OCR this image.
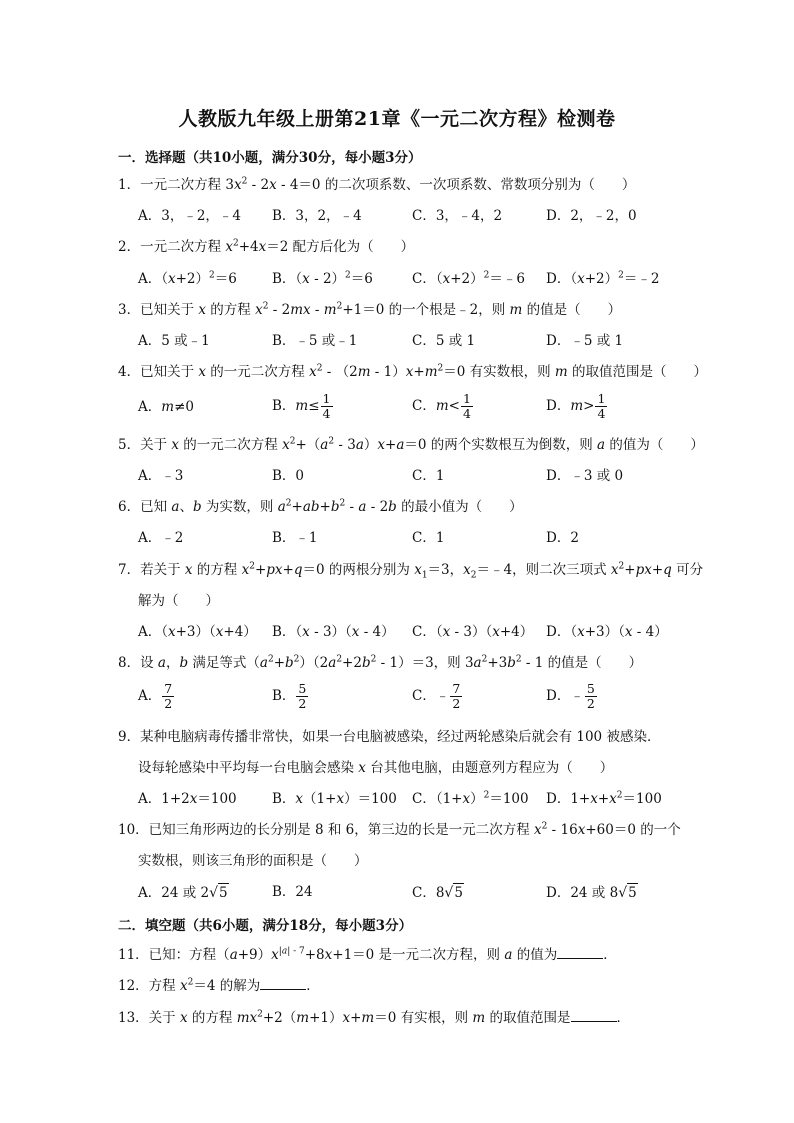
人教版九年级上册第21章《一元二次方程》检测卷
一．选择题（共10小题，满分30分，每小题3分）
1．一元二次方程 $3x^2 - 2x - 4=0$ 的二次项系数、一次项系数、常数项分别为（　　）
A．3，﹣2，﹣4 B．3，2，﹣4	C．3，﹣4，2	D．2，﹣2，0
2．一元二次方程 $x^2+4x=2$ 配方后化为（　　）
A．$(x+2)^2=6$	B．（x - 2）$^2$＝6	C．$(x+2)^2=﹣6$ D．$(x+2)^2=﹣2$
3．已知关于 x 的方程 $x^2 - 2mx - m^2+1=0$ 的一个根是﹣2，则 m 的值是（　　）
A．5 或﹣1	B．﹣5 或﹣1	C．5 或 1	D．﹣5 或 1
4．已知关于 x 的一元二次方程 $x^2 - (2m - 1)x+m^2=0$ 有实数根，则 m 的取值范围是（　　）
A．m≠0	B．$m\le \frac{1}{4}$	C．$m< \frac{1}{4}$	D．$m> \frac{1}{4}$
5．关于 x 的一元二次方程 $x^2+(a^2 - 3a)x+a=0$ 的两个实数根互为倒数，则 a 的值为（　　）
A．﹣3	B．0	C．1	D．﹣3 或 0
6．已知 a、b 为实数，则 $a^2+ab+b^2 - a - 2b$ 的最小值为（　　）
A．﹣2	B．﹣1	C．1	D．2
7．若关于 x 的方程 $x^2+px+q=0$ 的两根分别为 $x_1=3$，$x_2=﹣4$，则二次三项式 $x^2+px+q$ 可分
解为（　　）
A．（x+3）（x+4） B．（x - 3）（x - 4） C．（x - 3）（x+4） D．（x+3）（x - 4）
8．设 a，b 满足等式$(a^2+b^2)(2a^2+2b^2 - 1)=3$，则 $3a^2+3b^2 - 1$ 的值是（　　）
A． $\frac{7}{2}$	B． $\frac{5}{2}$	C．﹣ $\frac{7}{2}$	D．﹣ $\frac{5}{2}$
9．某种电脑病毒传播非常快，如果一台电脑被感染，经过两轮感染后就会有 100 被感染．
设每轮感染中平均每一台电脑会感染 x 台其他电脑，由题意列方程应为（　　）
A．1+2x＝100	B．x（1+x）＝100 C．$(1+x)^2=100$ D．$1+x+x^2=100$
10．已知三角形两边的长分别是 8 和 6，第三边的长是一元二次方程 $x^2 - 16x+60=0$ 的一个
实数根，则该三角形的面积是（　　）
A．24 或 2√5	B．24	C．8√5	D．24 或 8√5
二．填空题（共6小题，满分18分，每小题3分）
11．已知：方程$(a+9)x^{|a| - 7}+8x+1=0$ 是一元二次方程，则 a 的值为	．
12．方程 $x^2=4$ 的解为	．
13．关于 x 的方程 $mx^2+2(m+1)x+m=0$ 有实根，则 m 的取值范围是	．
